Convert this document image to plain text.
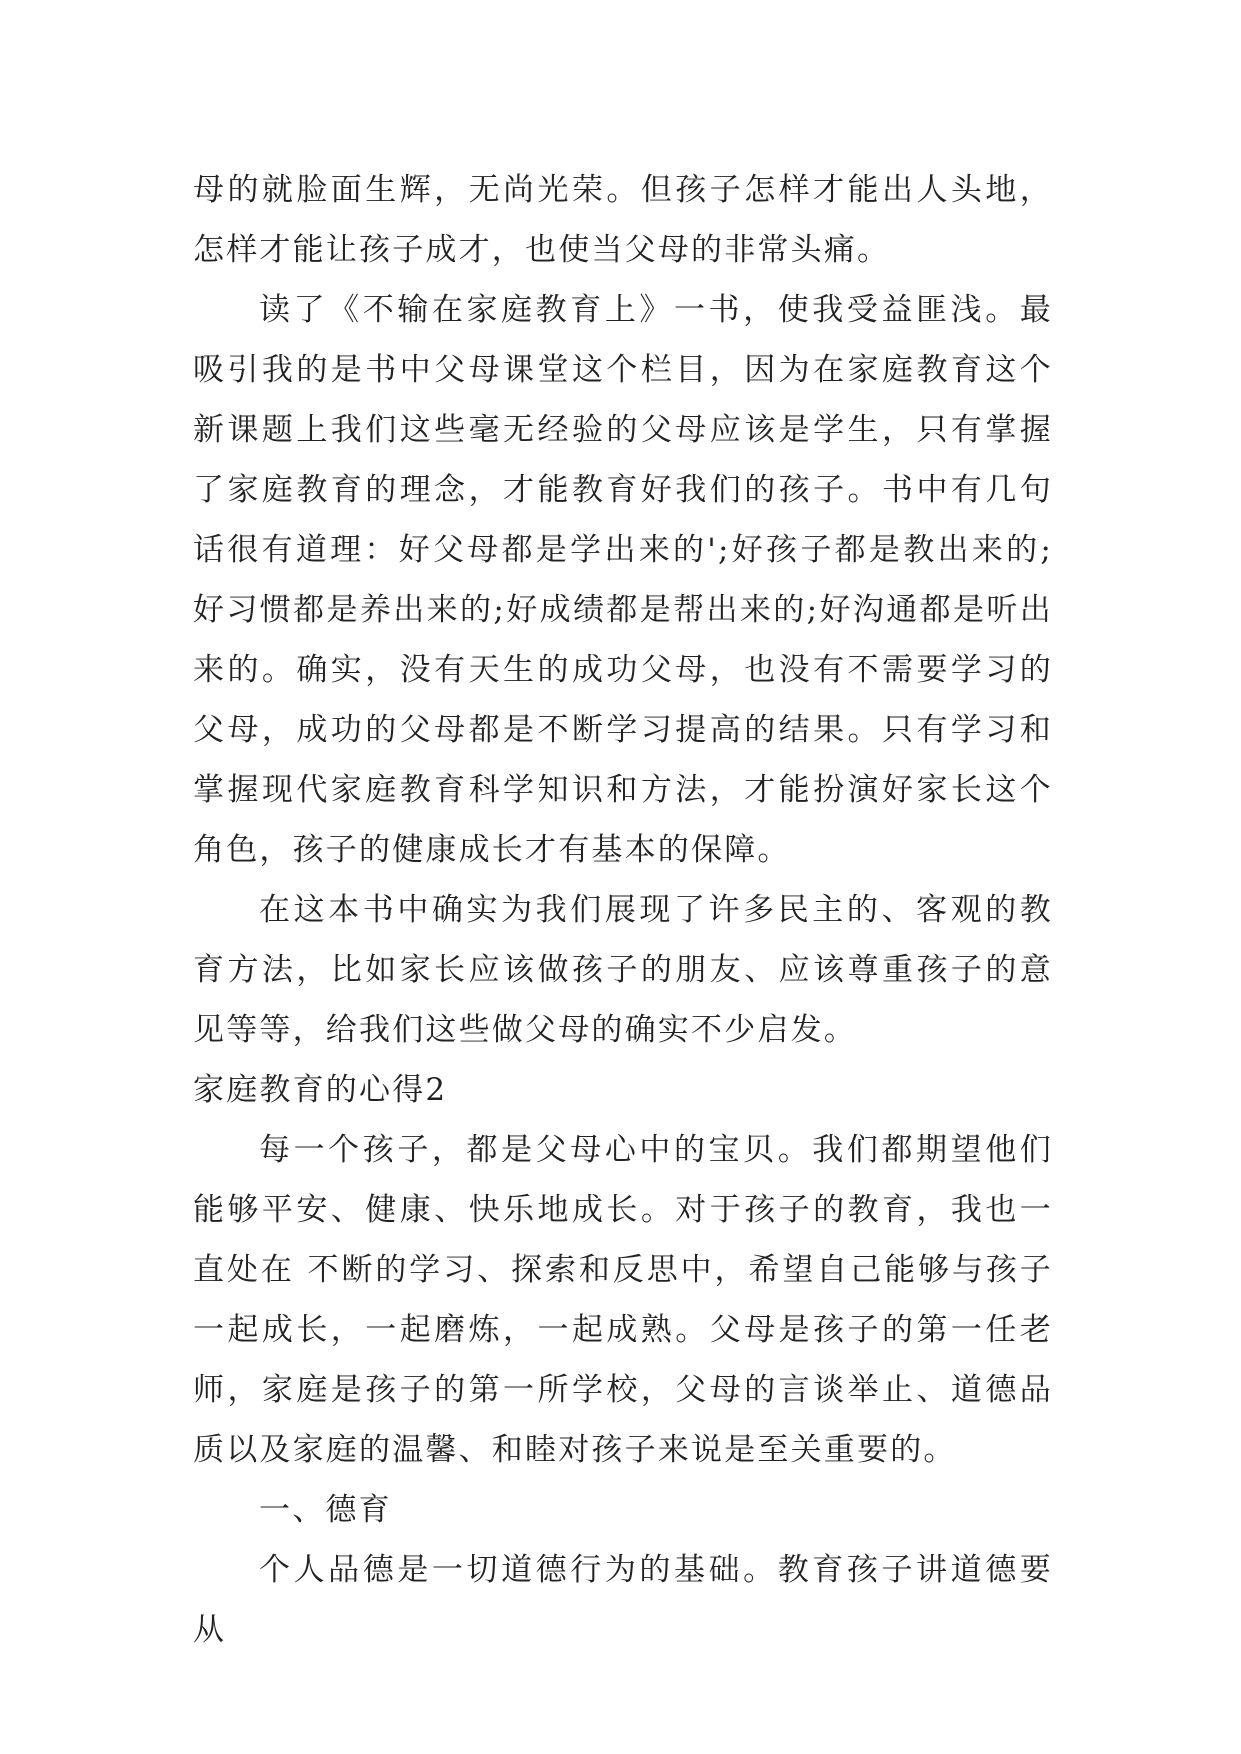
母的就脸面生辉，无尚光荣。但孩子怎样才能出人头地，怎样才能让孩子成才，也使当父母的非常头痛。

读了《不输在家庭教育上》一书，使我受益匪浅。最吸引我的是书中父母课堂这个栏目，因为在家庭教育这个新课题上我们这些毫无经验的父母应该是学生，只有掌握了家庭教育的理念，才能教育好我们的孩子。书中有几句话很有道理：好父母都是学出来的';好孩子都是教出来的;好习惯都是养出来的;好成绩都是帮出来的;好沟通都是听出来的。确实，没有天生的成功父母，也没有不需要学习的父母，成功的父母都是不断学习提高的结果。只有学习和掌握现代家庭教育科学知识和方法，才能扮演好家长这个角色，孩子的健康成长才有基本的保障。

在这本书中确实为我们展现了许多民主的、客观的教育方法，比如家长应该做孩子的朋友、应该尊重孩子的意见等等，给我们这些做父母的确实不少启发。

家庭教育的心得2

每一个孩子，都是父母心中的宝贝。我们都期望他们能够平安、健康、快乐地成长。对于孩子的教育，我也一直处在 不断的学习、探索和反思中，希望自己能够与孩子一起成长，一起磨炼，一起成熟。父母是孩子的第一任老师，家庭是孩子的第一所学校，父母的言谈举止、道德品 质以及家庭的温馨、和睦对孩子来说是至关重要的。

一、德育

个人品德是一切道德行为的基础。教育孩子讲道德要从
